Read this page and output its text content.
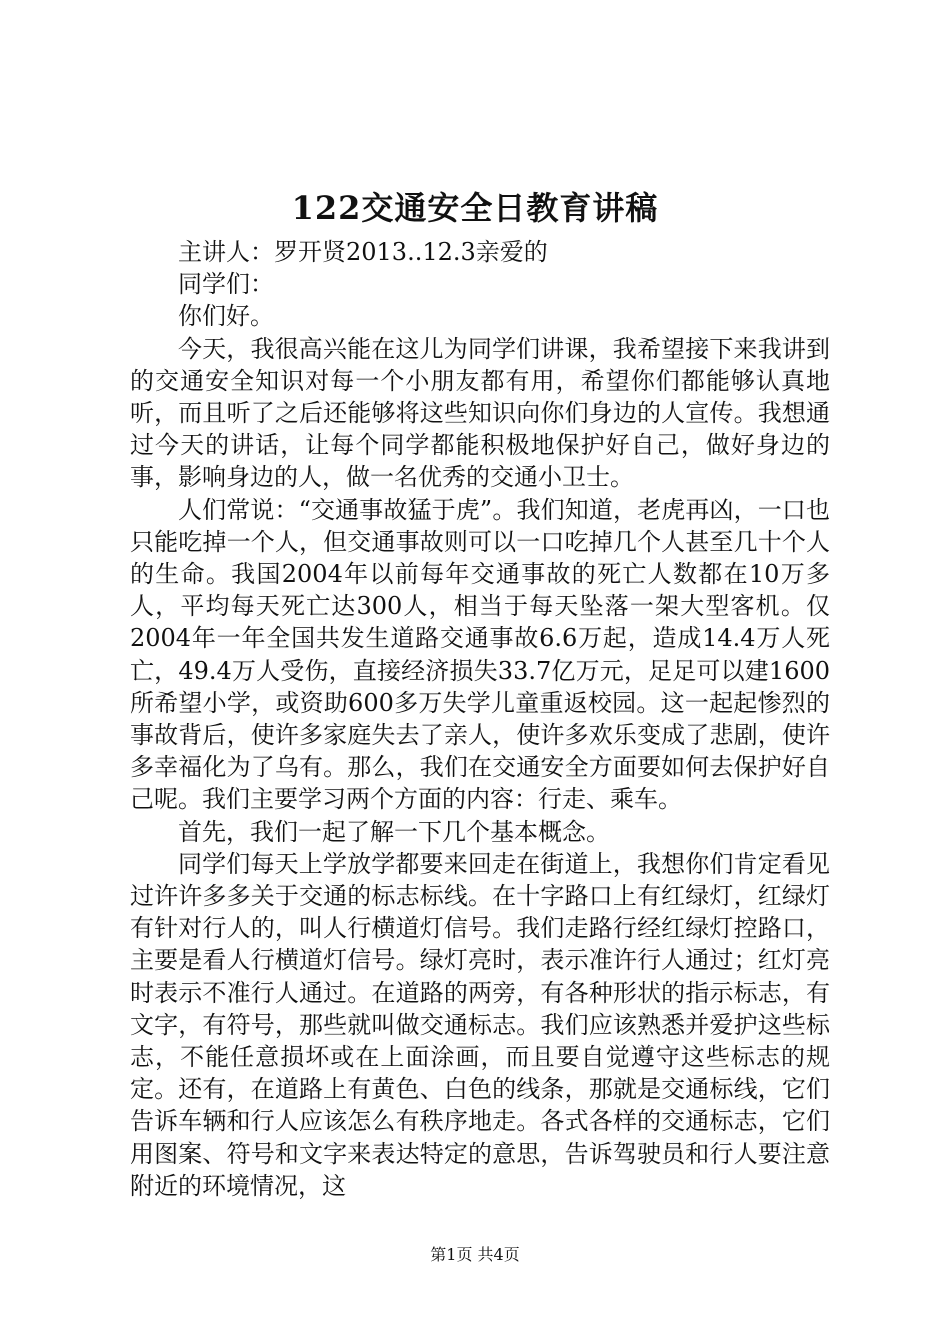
122交通安全日教育讲稿

主讲人：罗开贤2013..12.3亲爱的

同学们：

你们好。

今天，我很高兴能在这儿为同学们讲课，我希望接下来我讲到的交通安全知识对每一个小朋友都有用，希望你们都能够认真地听，而且听了之后还能够将这些知识向你们身边的人宣传。我想通过今天的讲话，让每个同学都能积极地保护好自己，做好身边的事，影响身边的人，做一名优秀的交通小卫士。

人们常说：“交通事故猛于虎”。我们知道，老虎再凶，一口也只能吃掉一个人，但交通事故则可以一口吃掉几个人甚至几十个人的生命。我国2004年以前每年交通事故的死亡人数都在10万多人，平均每天死亡达300人，相当于每天坠落一架大型客机。仅2004年一年全国共发生道路交通事故6.6万起，造成14.4万人死亡，49.4万人受伤，直接经济损失33.7亿万元，足足可以建1600所希望小学，或资助600多万失学儿童重返校园。这一起起惨烈的事故背后，使许多家庭失去了亲人，使许多欢乐变成了悲剧，使许多幸福化为了乌有。那么，我们在交通安全方面要如何去保护好自己呢。我们主要学习两个方面的内容：行走、乘车。

首先，我们一起了解一下几个基本概念。

同学们每天上学放学都要来回走在街道上，我想你们肯定看见过许许多多关于交通的标志标线。在十字路口上有红绿灯，红绿灯有针对行人的，叫人行横道灯信号。我们走路行经红绿灯控路口，主要是看人行横道灯信号。绿灯亮时，表示准许行人通过；红灯亮时表示不准行人通过。在道路的两旁，有各种形状的指示标志，有文字，有符号，那些就叫做交通标志。我们应该熟悉并爱护这些标志，不能任意损坏或在上面涂画，而且要自觉遵守这些标志的规定。还有，在道路上有黄色、白色的线条，那就是交通标线，它们告诉车辆和行人应该怎么有秩序地走。各式各样的交通标志，它们用图案、符号和文字来表达特定的意思，告诉驾驶员和行人要注意附近的环境情况，这

第1页 共4页
